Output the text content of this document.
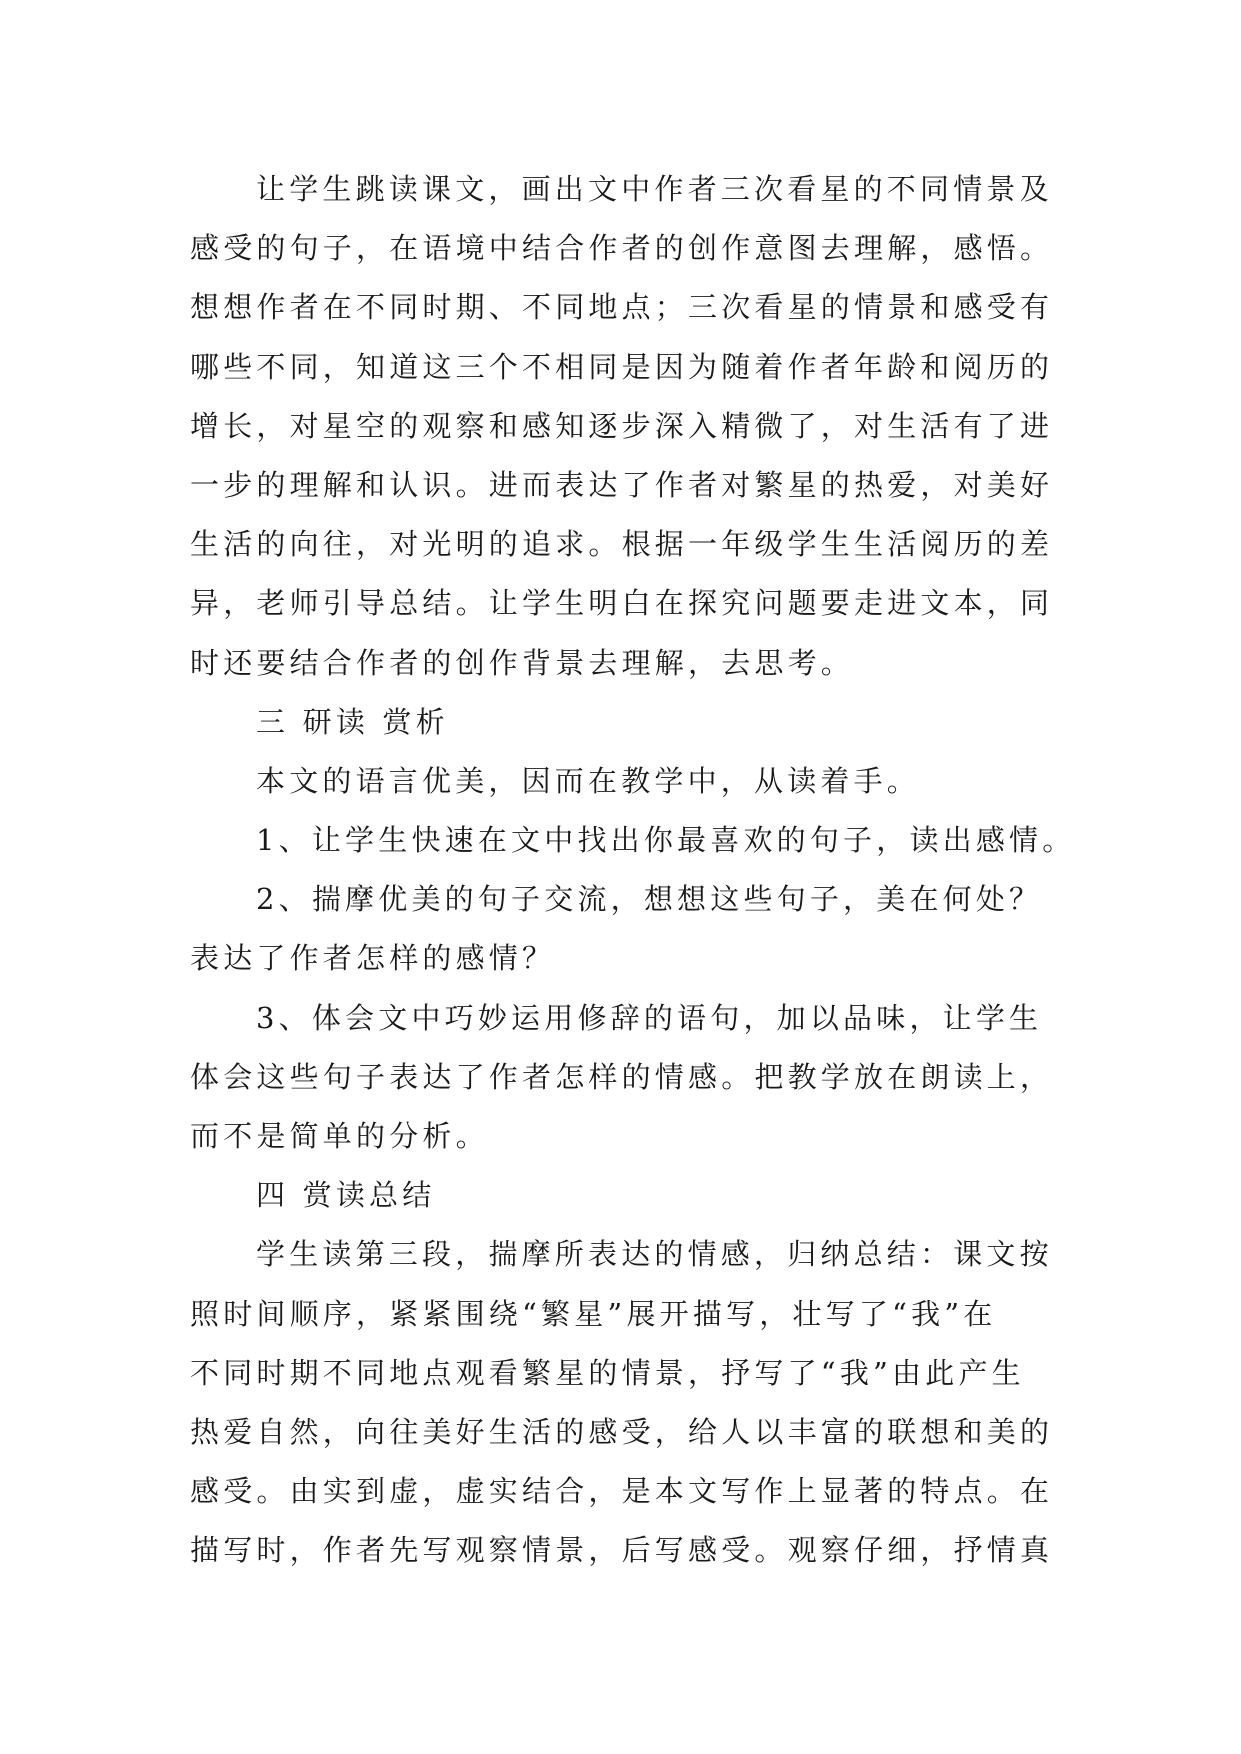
让学生跳读课文，画出文中作者三次看星的不同情景及
感受的句子，在语境中结合作者的创作意图去理解，感悟。
想想作者在不同时期、不同地点；三次看星的情景和感受有
哪些不同，知道这三个不相同是因为随着作者年龄和阅历的
增长，对星空的观察和感知逐步深入精微了，对生活有了进
一步的理解和认识。进而表达了作者对繁星的热爱，对美好
生活的向往，对光明的追求。根据一年级学生生活阅历的差
异，老师引导总结。让学生明白在探究问题要走进文本，同
时还要结合作者的创作背景去理解，去思考。
三 研读 赏析
本文的语言优美，因而在教学中，从读着手。
1、让学生快速在文中找出你最喜欢的句子，读出感情。
2、揣摩优美的句子交流，想想这些句子，美在何处？
表达了作者怎样的感情？
3、体会文中巧妙运用修辞的语句，加以品味，让学生
体会这些句子表达了作者怎样的情感。把教学放在朗读上，
而不是简单的分析。
四 赏读总结
学生读第三段，揣摩所表达的情感，归纳总结：课文按
照时间顺序，紧紧围绕“繁星”展开描写，壮写了“我”在
不同时期不同地点观看繁星的情景，抒写了“我”由此产生
热爱自然，向往美好生活的感受，给人以丰富的联想和美的
感受。由实到虚，虚实结合，是本文写作上显著的特点。在
描写时，作者先写观察情景，后写感受。观察仔细，抒情真
